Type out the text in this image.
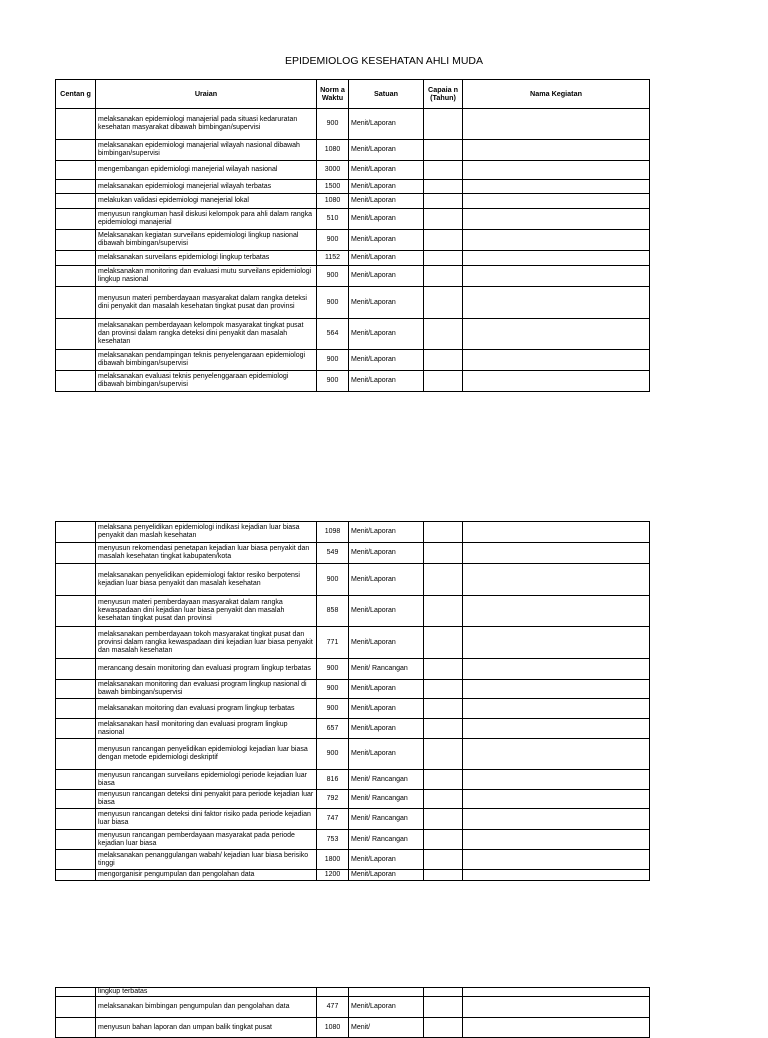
EPIDEMIOLOG KESEHATAN AHLI MUDA
Centan g	Uraian	Norm a Waktu	Satuan	Capaia n (Tahun)	Nama Kegiatan
	melaksanakan epidemiologi manajerial pada situasi kedaruratan kesehatan masyarakat dibawah bimbingan/supervisi	900	Menit/Laporan		
	melaksanakan epidemiologi manajerial wilayah nasional dibawah bimbingan/supervisi	1080	Menit/Laporan		
	mengembangan epidemiologi manejerial wilayah nasional	3000	Menit/Laporan		
	melaksanakan epidemiologi manejerial wilayah terbatas	1500	Menit/Laporan		
	melakukan validasi epidemiologi manejerial lokal	1080	Menit/Laporan		
	menyusun rangkuman hasil diskusi kelompok para ahli dalam rangka epidemiologi manajerial	510	Menit/Laporan		
	Melaksanakan kegiatan surveilans epidemiologi lingkup nasional dibawah bimbingan/supervisi	900	Menit/Laporan		
	melaksanakan surveilans epidemiologi lingkup terbatas	1152	Menit/Laporan		
	melaksanakan monitoring dan evaluasi mutu surveilans epidemiologi lingkup nasional	900	Menit/Laporan		
	menyusun materi pemberdayaan masyarakat dalam rangka deteksi dini penyakit dan masalah kesehatan tingkat pusat dan provinsi	900	Menit/Laporan		
	melaksanakan pemberdayaan kelompok masyarakat tingkat pusat dan provinsi dalam rangka deteksi dini penyakit dan masalah kesehatan	564	Menit/Laporan		
	melaksanakan pendampingan teknis penyelengaraan epidemiologi dibawah bimbingan/supervisi	900	Menit/Laporan		
	melaksanakan evaluasi teknis penyelenggaraan epidemiologi dibawah bimbingan/supervisi	900	Menit/Laporan		
	melaksana penyelidikan epidemiologi indikasi kejadian luar biasa penyakit dan maslah kesehatan	1098	Menit/Laporan		
	menyusun rekomendasi penetapan kejadian luar biasa penyakit dan masalah kesehatan tingkat kabupaten/kota	549	Menit/Laporan		
	melaksanakan penyelidikan epidemiologi faktor resiko berpotensi kejadian luar biasa penyakit dan masalah kesehatan	900	Menit/Laporan		
	menyusun materi pemberdayaan masyarakat dalam rangka kewaspadaan dini kejadian luar biasa penyakit dan masalah kesehatan tingkat pusat dan provinsi	858	Menit/Laporan		
	melaksanakan pemberdayaan tokoh masyarakat tingkat pusat dan provinsi dalam rangka kewaspadaan dini kejadian luar biasa penyakit dan masalah kesehatan	771	Menit/Laporan		
	merancang desain monitoring dan evaluasi program lingkup terbatas	900	Menit/ Rancangan		
	melaksanakan monitoring dan evaluasi program lingkup nasional di bawah bimbingan/supervisi	900	Menit/Laporan		
	melaksanakan moitoring dan evaluasi program lingkup terbatas	900	Menit/Laporan		
	melaksanakan hasil monitoring dan evaluasi program lingkup nasional	657	Menit/Laporan		
	menyusun rancangan penyelidikan epidemiologi kejadian luar biasa dengan metode epidemiologi deskriptif	900	Menit/Laporan		
	menyusun rancangan surveilans epidemiologi periode kejadian luar biasa	816	Menit/ Rancangan		
	menyusun rancangan deteksi dini penyakit para periode kejadian luar biasa	792	Menit/ Rancangan		
	menyusun rancangan deteksi dini faktor risiko pada periode kejadian luar biasa	747	Menit/ Rancangan		
	menyusun rancangan pemberdayaan masyarakat pada periode kejadian luar biasa	753	Menit/ Rancangan		
	melaksanakan penanggulangan wabah/ kejadian luar biasa berisiko tinggi	1800	Menit/Laporan		
	mengorganisir pengumpulan dan pengolahan data	1200	Menit/Laporan		
	lingkup terbatas				
	melaksanakan bimbingan pengumpulan dan pengolahan data	477	Menit/Laporan		
	menyusun bahan laporan dan umpan balik tingkat pusat	1080	Menit/		
